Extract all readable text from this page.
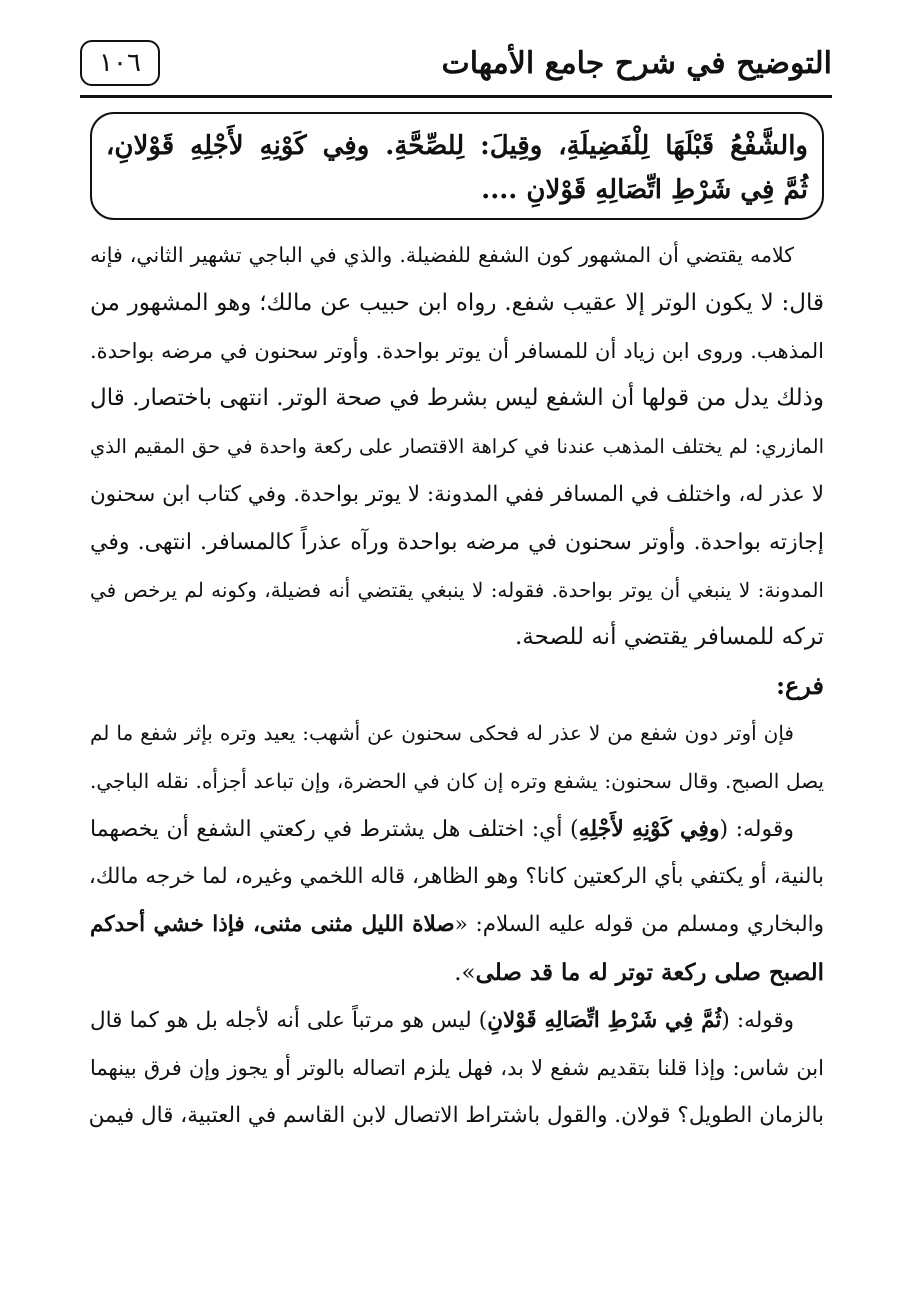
التوضيح في شرح جامع الأمهات
١٠٦
والشَّفْعُ قَبْلَهَا لِلْفَضِيلَةِ، وقِيلَ: لِلصِّحَّةِ. وفِي كَوْنِهِ لأَجْلِهِ قَوْلانِ،
ثُمَّ فِي شَرْطِ اتِّصَالِهِ قَوْلانِ ....
كلامه يقتضي أن المشهور كون الشفع للفضيلة. والذي في الباجي تشهير الثاني، فإنه
قال: لا يكون الوتر إلا عقيب شفع. رواه ابن حبيب عن مالك؛ وهو المشهور من
المذهب. وروى ابن زياد أن للمسافر أن يوتر بواحدة. وأوتر سحنون في مرضه بواحدة.
وذلك يدل من قولها أن الشفع ليس بشرط في صحة الوتر. انتهى باختصار. قال
المازري: لم يختلف المذهب عندنا في كراهة الاقتصار على ركعة واحدة في حق المقيم الذي
لا عذر له، واختلف في المسافر ففي المدونة: لا يوتر بواحدة. وفي كتاب ابن سحنون
إجازته بواحدة. وأوتر سحنون في مرضه بواحدة ورآه عذراً كالمسافر. انتهى. وفي
المدونة: لا ينبغي أن يوتر بواحدة. فقوله: لا ينبغي يقتضي أنه فضيلة، وكونه لم يرخص في
تركه للمسافر يقتضي أنه للصحة.
فرع:
فإن أوتر دون شفع من لا عذر له فحكى سحنون عن أشهب: يعيد وتره بإثر شفع ما لم
يصل الصبح. وقال سحنون: يشفع وتره إن كان في الحضرة، وإن تباعد أجزأه. نقله الباجي.
وقوله: (وفِي كَوْنِهِ لأَجْلِهِ) أي: اختلف هل يشترط في ركعتي الشفع أن يخصهما
بالنية، أو يكتفي بأي الركعتين كانا؟ وهو الظاهر، قاله اللخمي وغيره، لما خرجه مالك،
والبخاري ومسلم من قوله عليه السلام: «صلاة الليل مثنى مثنى، فإذا خشي أحدكم
الصبح صلى ركعة توتر له ما قد صلى».
وقوله: (ثُمَّ فِي شَرْطِ اتِّصَالِهِ قَوْلانِ) ليس هو مرتباً على أنه لأجله بل هو كما قال
ابن شاس: وإذا قلنا بتقديم شفع لا بد، فهل يلزم اتصاله بالوتر أو يجوز وإن فرق بينهما
بالزمان الطويل؟ قولان. والقول باشتراط الاتصال لابن القاسم في العتبية، قال فيمن
